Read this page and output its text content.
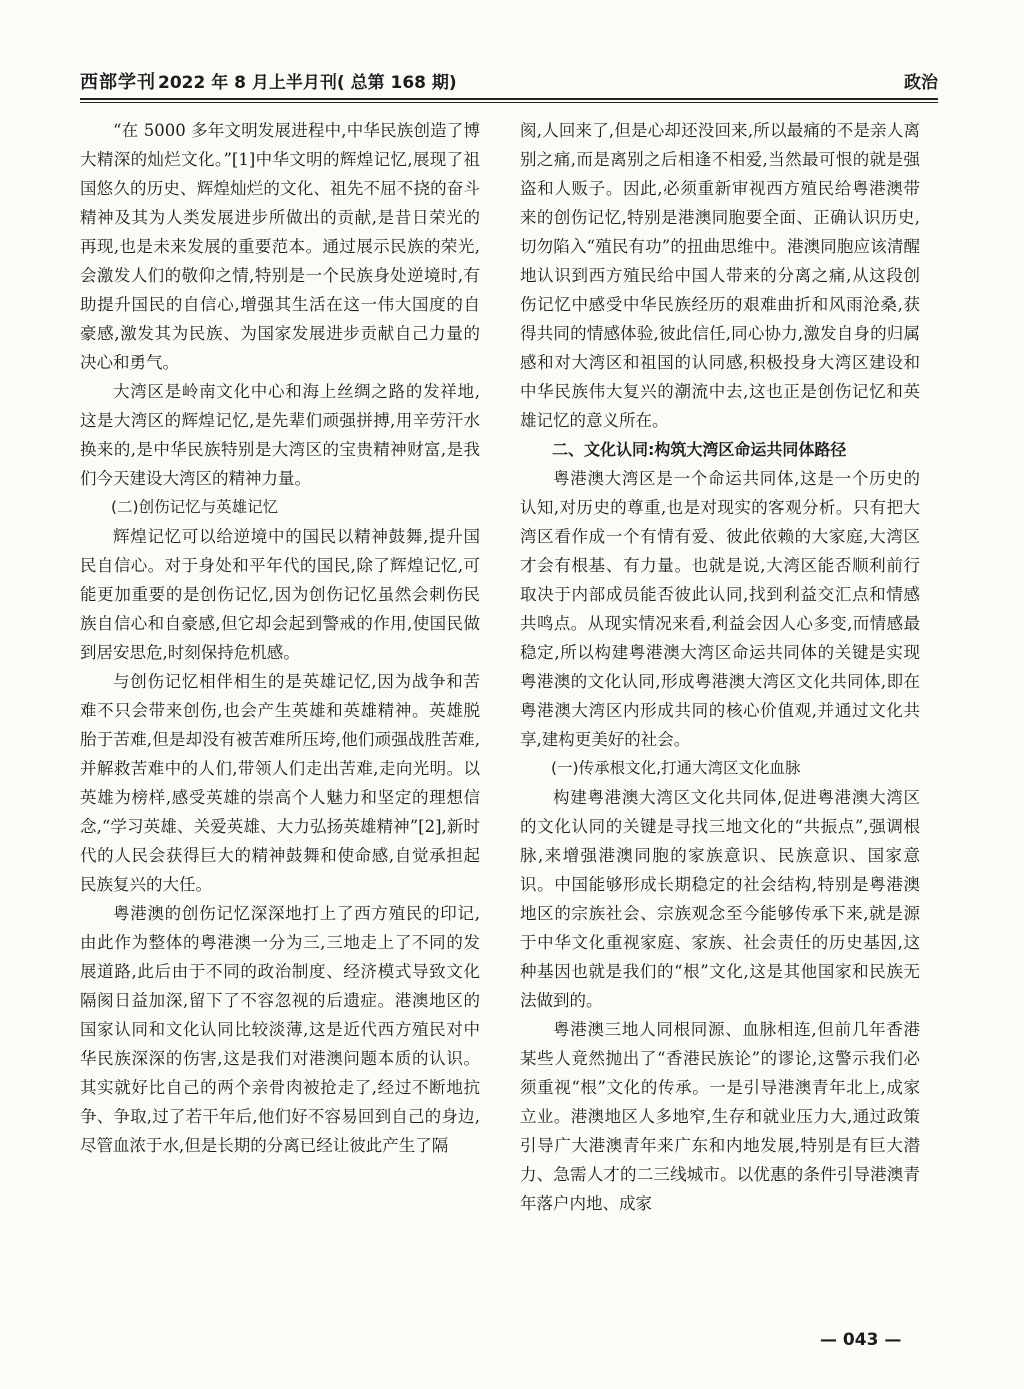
西部学刊 2022 年 8 月上半月刊( 总第 168 期)	政治

“在 5000 多年文明发展进程中,中华民族创造了博大精深的灿烂文化。”[1]中华文明的辉煌记忆,展现了祖国悠久的历史、辉煌灿烂的文化、祖先不屈不挠的奋斗精神及其为人类发展进步所做出的贡献,是昔日荣光的再现,也是未来发展的重要范本。通过展示民族的荣光,会激发人们的敬仰之情,特别是一个民族身处逆境时,有助提升国民的自信心,增强其生活在这一伟大国度的自豪感,激发其为民族、为国家发展进步贡献自己力量的决心和勇气。

大湾区是岭南文化中心和海上丝绸之路的发祥地,这是大湾区的辉煌记忆,是先辈们顽强拼搏,用辛劳汗水换来的,是中华民族特别是大湾区的宝贵精神财富,是我们今天建设大湾区的精神力量。

(二)创伤记忆与英雄记忆

辉煌记忆可以给逆境中的国民以精神鼓舞,提升国民自信心。对于身处和平年代的国民,除了辉煌记忆,可能更加重要的是创伤记忆,因为创伤记忆虽然会刺伤民族自信心和自豪感,但它却会起到警戒的作用,使国民做到居安思危,时刻保持危机感。

与创伤记忆相伴相生的是英雄记忆,因为战争和苦难不只会带来创伤,也会产生英雄和英雄精神。英雄脱胎于苦难,但是却没有被苦难所压垮,他们顽强战胜苦难,并解救苦难中的人们,带领人们走出苦难,走向光明。以英雄为榜样,感受英雄的崇高个人魅力和坚定的理想信念,“学习英雄、关爱英雄、大力弘扬英雄精神”[2],新时代的人民会获得巨大的精神鼓舞和使命感,自觉承担起民族复兴的大任。

粤港澳的创伤记忆深深地打上了西方殖民的印记,由此作为整体的粤港澳一分为三,三地走上了不同的发展道路,此后由于不同的政治制度、经济模式导致文化隔阂日益加深,留下了不容忽视的后遗症。港澳地区的国家认同和文化认同比较淡薄,这是近代西方殖民对中华民族深深的伤害,这是我们对港澳问题本质的认识。其实就好比自己的两个亲骨肉被抢走了,经过不断地抗争、争取,过了若干年后,他们好不容易回到自己的身边,尽管血浓于水,但是长期的分离已经让彼此产生了隔

阂,人回来了,但是心却还没回来,所以最痛的不是亲人离别之痛,而是离别之后相逢不相爱,当然最可恨的就是强盗和人贩子。因此,必须重新审视西方殖民给粤港澳带来的创伤记忆,特别是港澳同胞要全面、正确认识历史,切勿陷入“殖民有功”的扭曲思维中。港澳同胞应该清醒地认识到西方殖民给中国人带来的分离之痛,从这段创伤记忆中感受中华民族经历的艰难曲折和风雨沧桑,获得共同的情感体验,彼此信任,同心协力,激发自身的归属感和对大湾区和祖国的认同感,积极投身大湾区建设和中华民族伟大复兴的潮流中去,这也正是创伤记忆和英雄记忆的意义所在。

二、文化认同:构筑大湾区命运共同体路径

粤港澳大湾区是一个命运共同体,这是一个历史的认知,对历史的尊重,也是对现实的客观分析。只有把大湾区看作成一个有情有爱、彼此依赖的大家庭,大湾区才会有根基、有力量。也就是说,大湾区能否顺利前行取决于内部成员能否彼此认同,找到利益交汇点和情感共鸣点。从现实情况来看,利益会因人心多变,而情感最稳定,所以构建粤港澳大湾区命运共同体的关键是实现粤港澳的文化认同,形成粤港澳大湾区文化共同体,即在粤港澳大湾区内形成共同的核心价值观,并通过文化共享,建构更美好的社会。

(一)传承根文化,打通大湾区文化血脉

构建粤港澳大湾区文化共同体,促进粤港澳大湾区的文化认同的关键是寻找三地文化的“共振点”,强调根脉,来增强港澳同胞的家族意识、民族意识、国家意识。中国能够形成长期稳定的社会结构,特别是粤港澳地区的宗族社会、宗族观念至今能够传承下来,就是源于中华文化重视家庭、家族、社会责任的历史基因,这种基因也就是我们的“根”文化,这是其他国家和民族无法做到的。

粤港澳三地人同根同源、血脉相连,但前几年香港某些人竟然抛出了“香港民族论”的谬论,这警示我们必须重视“根”文化的传承。一是引导港澳青年北上,成家立业。港澳地区人多地窄,生存和就业压力大,通过政策引导广大港澳青年来广东和内地发展,特别是有巨大潜力、急需人才的二三线城市。以优惠的条件引导港澳青年落户内地、成家

— 043 —
